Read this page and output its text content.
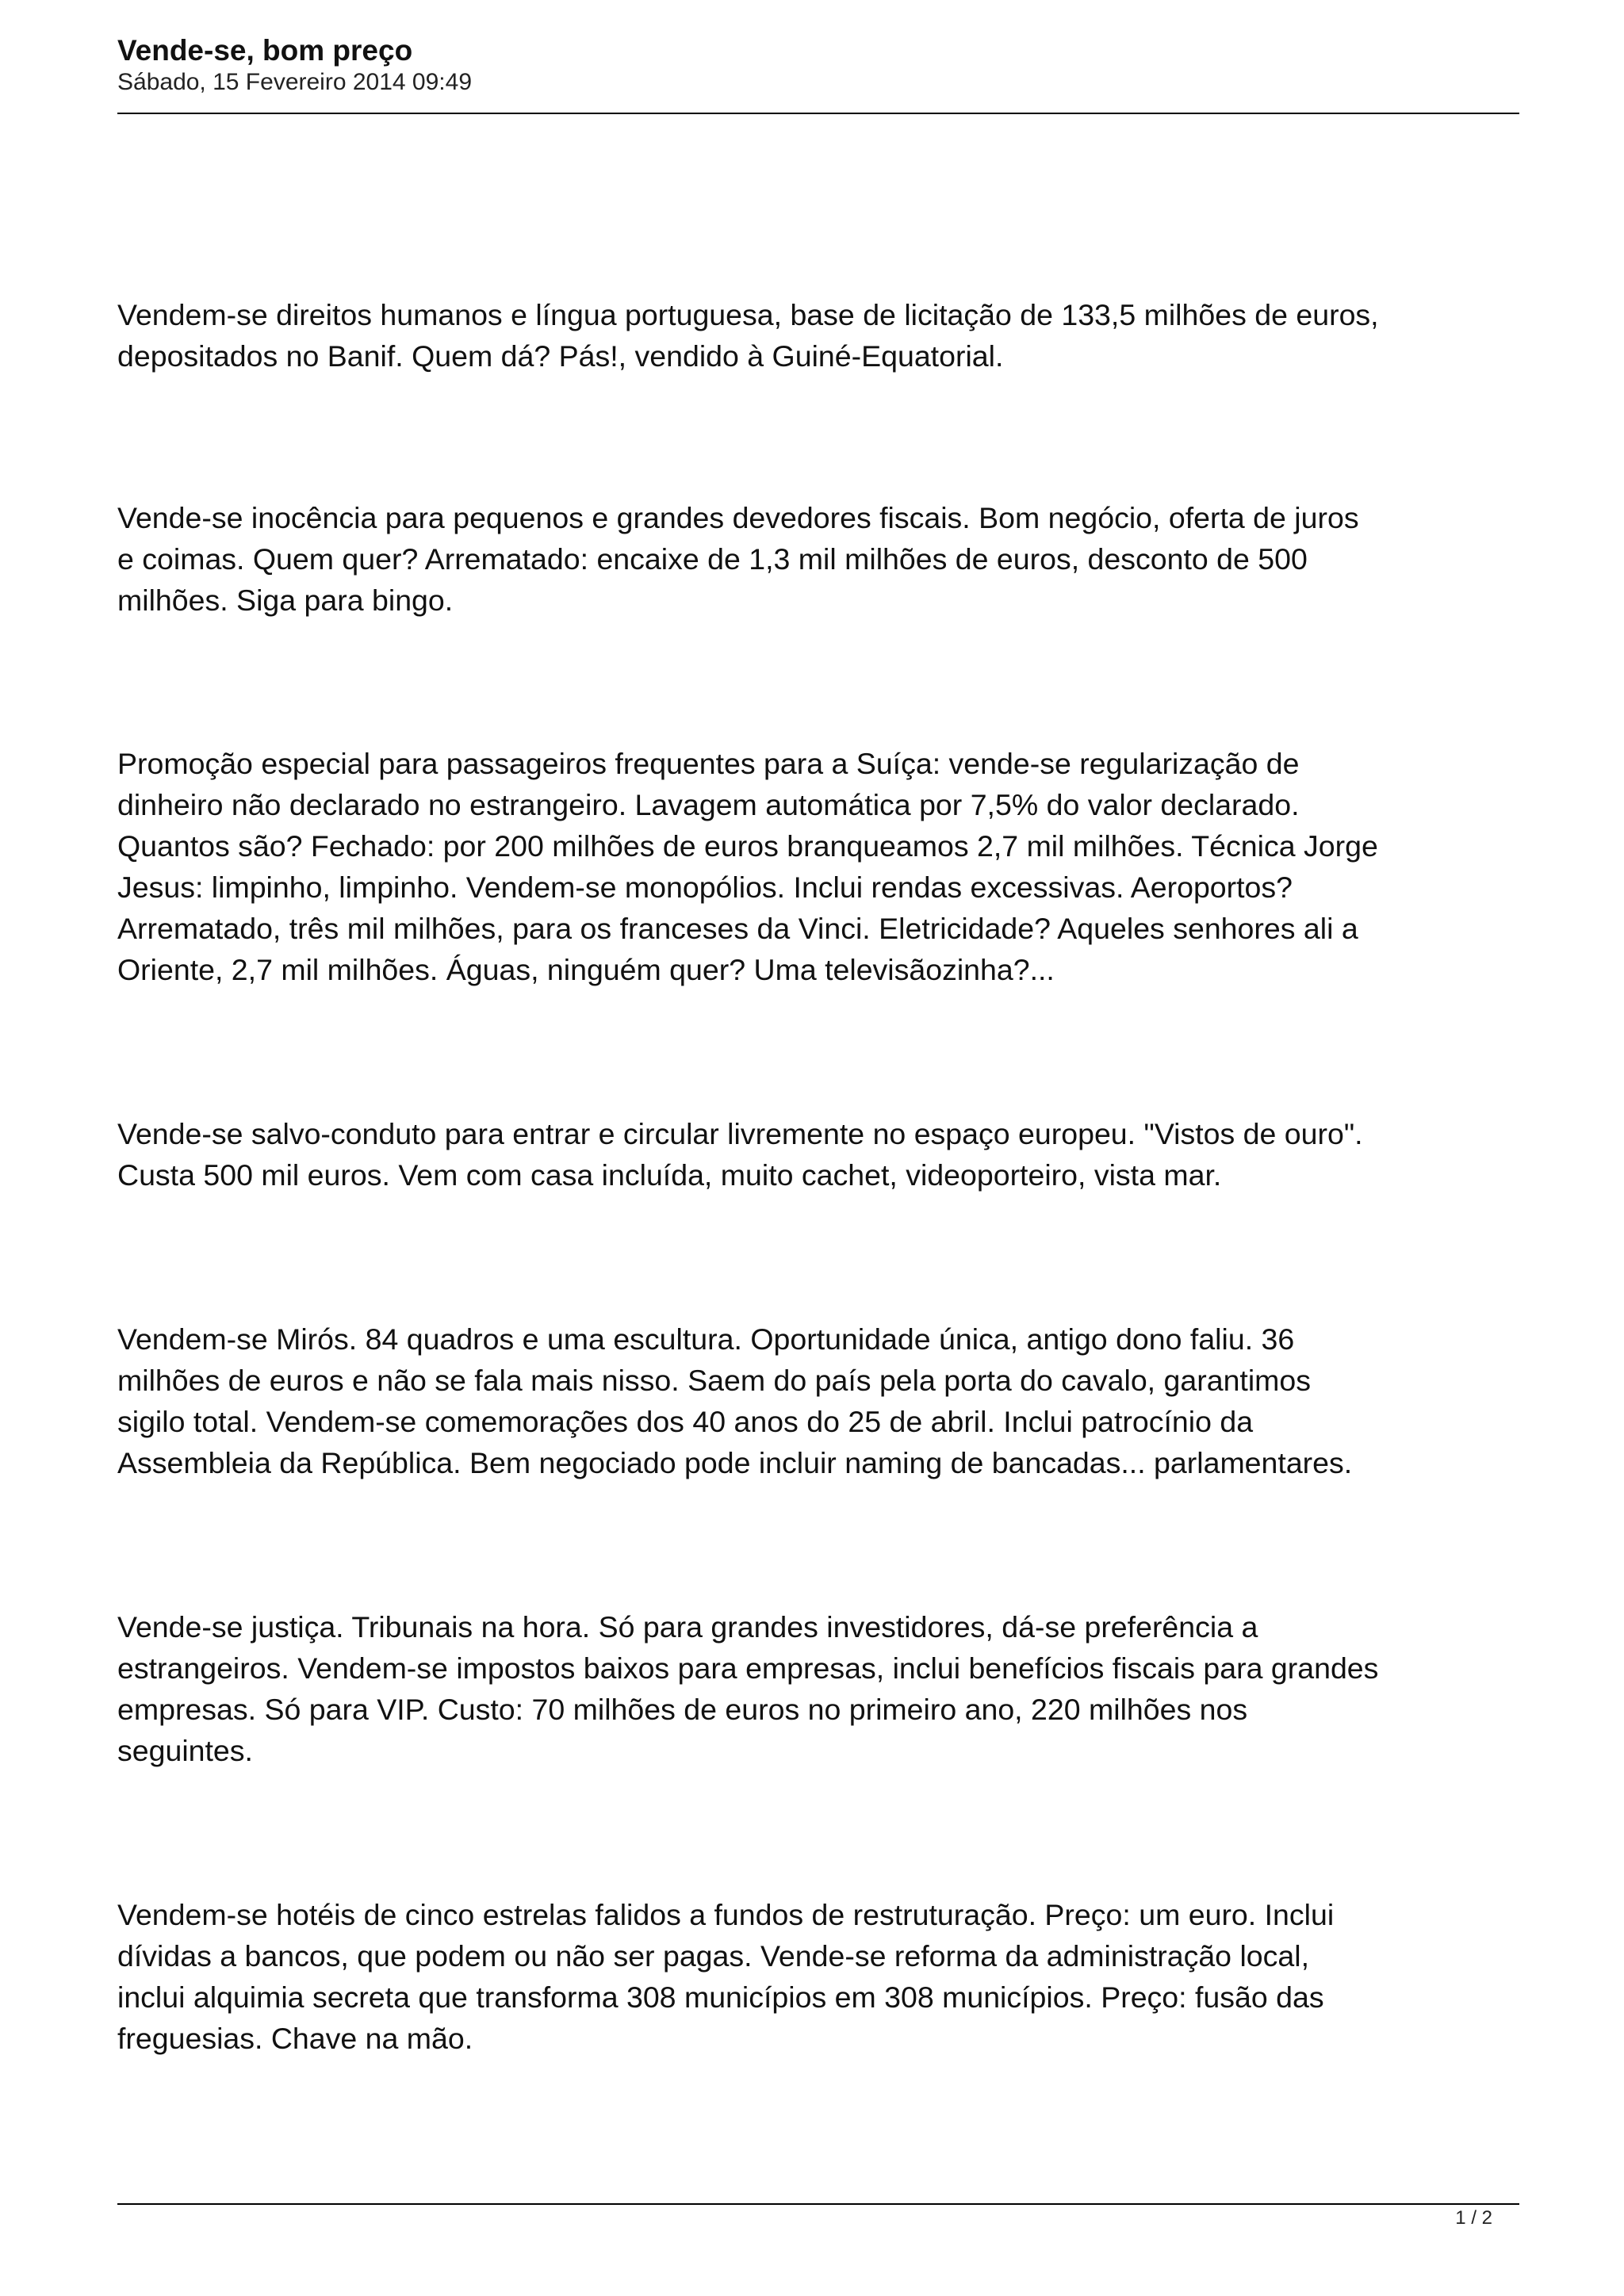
Vende-se, bom preço

Sábado, 15 Fevereiro 2014 09:49

Vendem-se direitos humanos e língua portuguesa, base de licitação de 133,5 milhões de euros,
depositados no Banif. Quem dá? Pás!, vendido à Guiné-Equatorial.

Vende-se inocência para pequenos e grandes devedores fiscais. Bom negócio, oferta de juros
e coimas. Quem quer? Arrematado: encaixe de 1,3 mil milhões de euros, desconto de 500
milhões. Siga para bingo.

Promoção especial para passageiros frequentes para a Suíça: vende-se regularização de
dinheiro não declarado no estrangeiro. Lavagem automática por 7,5% do valor declarado.
Quantos são? Fechado: por 200 milhões de euros branqueamos 2,7 mil milhões. Técnica Jorge
Jesus: limpinho, limpinho. Vendem-se monopólios. Inclui rendas excessivas. Aeroportos?
Arrematado, três mil milhões, para os franceses da Vinci. Eletricidade? Aqueles senhores ali a
Oriente, 2,7 mil milhões. Águas, ninguém quer? Uma televisãozinha?...

Vende-se salvo-conduto para entrar e circular livremente no espaço europeu. "Vistos de ouro".
Custa 500 mil euros. Vem com casa incluída, muito cachet, videoporteiro, vista mar.

Vendem-se Mirós. 84 quadros e uma escultura. Oportunidade única, antigo dono faliu. 36
milhões de euros e não se fala mais nisso. Saem do país pela porta do cavalo, garantimos
sigilo total. Vendem-se comemorações dos 40 anos do 25 de abril. Inclui patrocínio da
Assembleia da República. Bem negociado pode incluir naming de bancadas... parlamentares.

Vende-se justiça. Tribunais na hora. Só para grandes investidores, dá-se preferência a
estrangeiros. Vendem-se impostos baixos para empresas, inclui benefícios fiscais para grandes
empresas. Só para VIP. Custo: 70 milhões de euros no primeiro ano, 220 milhões nos
seguintes.

Vendem-se hotéis de cinco estrelas falidos a fundos de restruturação. Preço: um euro. Inclui
dívidas a bancos, que podem ou não ser pagas. Vende-se reforma da administração local,
inclui alquimia secreta que transforma 308 municípios em 308 municípios. Preço: fusão das
freguesias. Chave na mão.

1 / 2
